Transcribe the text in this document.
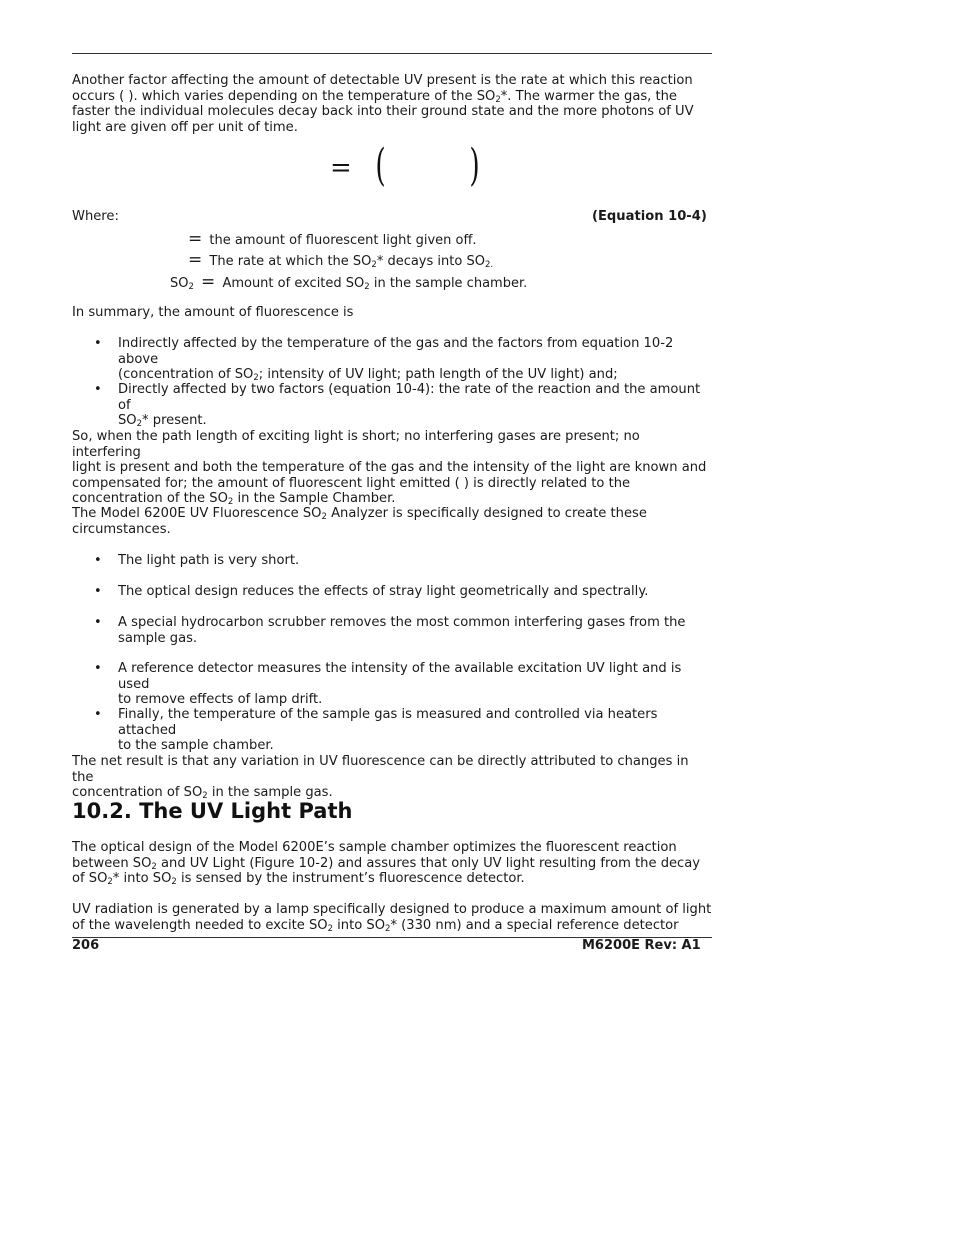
Another factor affecting the amount of detectable UV present is the rate at which this reaction
occurs ( ). which varies depending on the temperature of the $SO_2*$. The warmer the gas, the
faster the individual molecules decay back into their ground state and the more photons of UV
light are given off per unit of time.
= ( )
Where:	(Equation 10-4)
= the amount of fluorescent light given off.
= The rate at which the $SO_2*$ decays into $SO_{2.}$
$SO_2$ = Amount of excited $SO_2$ in the sample chamber.
In summary, the amount of fluorescence is
• Indirectly affected by the temperature of the gas and the factors from equation 10-2 above
(concentration of $SO_2$; intensity of UV light; path length of the UV light) and;
• Directly affected by two factors (equation 10-4): the rate of the reaction and the amount of
$SO_2*$ present.
So, when the path length of exciting light is short; no interfering gases are present; no interfering
light is present and both the temperature of the gas and the intensity of the light are known and
compensated for; the amount of fluorescent light emitted ( ) is directly related to the
concentration of the $SO_2$ in the Sample Chamber.
The Model 6200E UV Fluorescence $SO_2$ Analyzer is specifically designed to create these
circumstances.
• The light path is very short.
• The optical design reduces the effects of stray light geometrically and spectrally.
• A special hydrocarbon scrubber removes the most common interfering gases from the
sample gas.
• A reference detector measures the intensity of the available excitation UV light and is used
to remove effects of lamp drift.
• Finally, the temperature of the sample gas is measured and controlled via heaters attached
to the sample chamber.
The net result is that any variation in UV fluorescence can be directly attributed to changes in the
concentration of $SO_2$ in the sample gas.
10.2. The UV Light Path
The optical design of the Model 6200E’s sample chamber optimizes the fluorescent reaction
between $SO_2$ and UV Light (Figure 10-2) and assures that only UV light resulting from the decay
of $SO_2*$ into $SO_2$ is sensed by the instrument’s fluorescence detector.
UV radiation is generated by a lamp specifically designed to produce a maximum amount of light
of the wavelength needed to excite $SO_2$ into $SO_2*$ (330 nm) and a special reference detector
206	M6200E Rev: A1
